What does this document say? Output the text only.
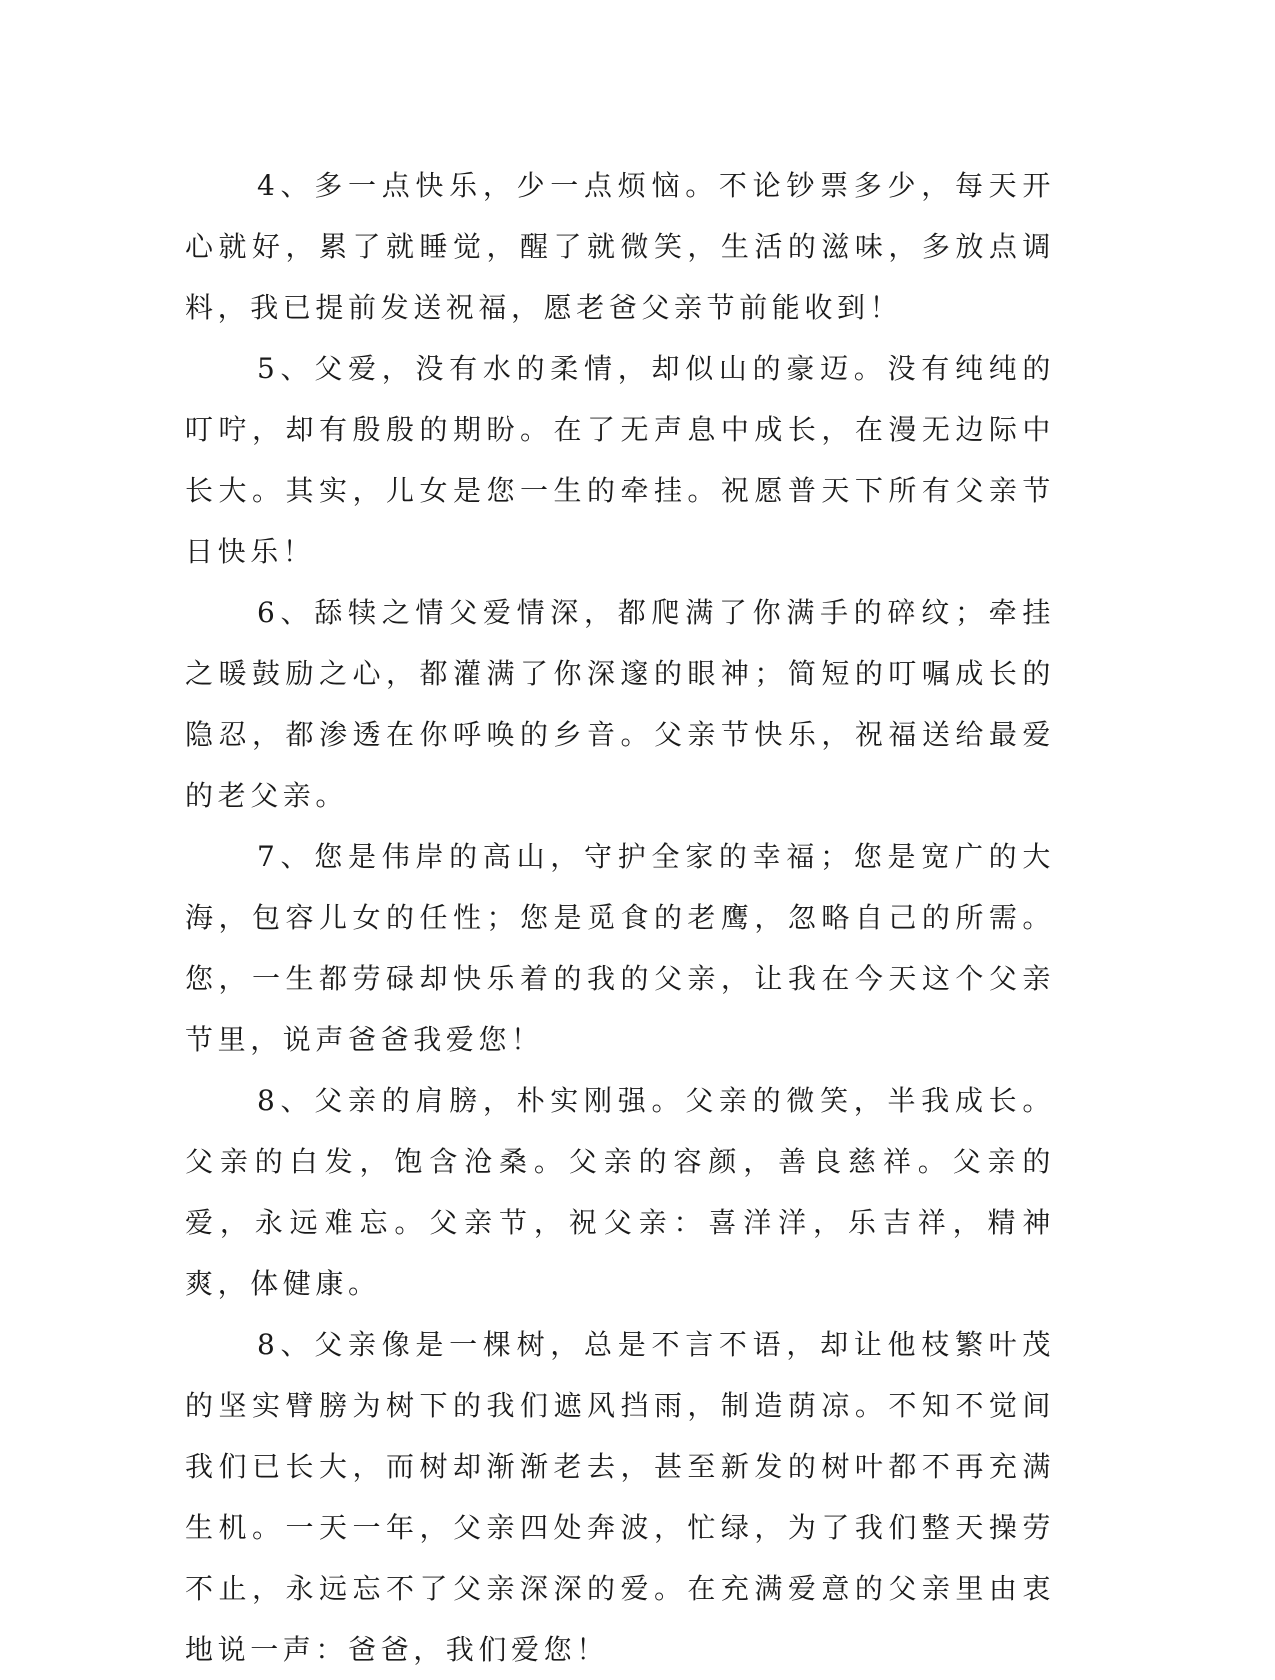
4、多一点快乐，少一点烦恼。不论钞票多少，每天开心就好，累了就睡觉，醒了就微笑，生活的滋味，多放点调料，我已提前发送祝福，愿老爸父亲节前能收到！

5、父爱，没有水的柔情，却似山的豪迈。没有纯纯的叮咛，却有殷殷的期盼。在了无声息中成长，在漫无边际中长大。其实，儿女是您一生的牵挂。祝愿普天下所有父亲节日快乐！

6、舔犊之情父爱情深，都爬满了你满手的碎纹；牵挂之暖鼓励之心，都灌满了你深邃的眼神；简短的叮嘱成长的隐忍，都渗透在你呼唤的乡音。父亲节快乐，祝福送给最爱的老父亲。

7、您是伟岸的高山，守护全家的幸福；您是宽广的大海，包容儿女的任性；您是觅食的老鹰，忽略自己的所需。您，一生都劳碌却快乐着的我的父亲，让我在今天这个父亲节里，说声爸爸我爱您！

8、父亲的肩膀，朴实刚强。父亲的微笑，半我成长。父亲的白发，饱含沧桑。父亲的容颜，善良慈祥。父亲的爱，永远难忘。父亲节，祝父亲：喜洋洋，乐吉祥，精神爽，体健康。

8、父亲像是一棵树，总是不言不语，却让他枝繁叶茂的坚实臂膀为树下的我们遮风挡雨，制造荫凉。不知不觉间我们已长大，而树却渐渐老去，甚至新发的树叶都不再充满生机。一天一年，父亲四处奔波，忙绿，为了我们整天操劳不止，永远忘不了父亲深深的爱。在充满爱意的父亲里由衷地说一声：爸爸，我们爱您！
